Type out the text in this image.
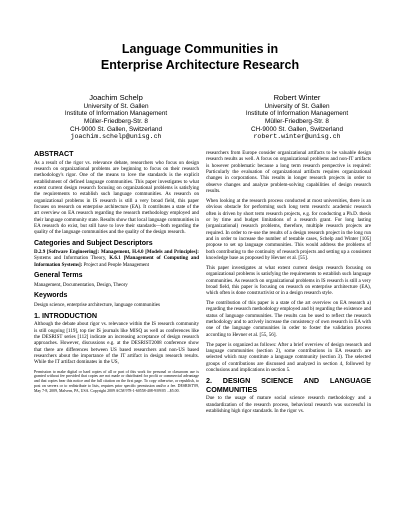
Language Communities in
Enterprise Architecture Research
Joachim Schelp
University of St. Gallen
Institute of Information Management
Müller-Friedberg-Str. 8
CH-9000 St. Gallen, Switzerland
joachim.schelp@unisg.ch
Robert Winter
University of St. Gallen
Institute of Information Management
Müller-Friedberg-Str. 8
CH-9000 St. Gallen, Switzerland
robert.winter@unisg.ch
ABSTRACT

As a result of the rigor vs. relevance debate, researchers who focus on design research on organizational problems are beginning to focus on their research methodology's rigor. One of the means to love the standards is the explicit establishment of defined language communities. This paper investigates to what extent current design research focusing on organizational problems is satisfying the requirements to establish such language communities. As research on organizational problems in IS research is still a very broad field, this paper focuses on research on enterprise architecture (EA). It contributes a state of the art overview on EA research regarding the research methodology employed and their language community state. Results show that local language communities in EA research do exist, but still have to love their standards—both regarding the quality of the language communities and the quality of the design research.

Categories and Subject Descriptors

D.2.9 [Software Engineering]: Management, H.4.0 [Models and Principles]: Systems and Information Theory, K.6.1 [Management of Computing and Information Systems]: Project and People Management

General Terms

Management, Documentation, Design, Theory

Keywords

Design science, enterprise architecture, language communities

1. INTRODUCTION

Although the debate about rigor vs. relevance within the IS research community is still ongoing [119], top tier IS journals like MISQ as well as conferences like the DESRIST series [112] indicate an increasing acceptance of design research approaches. However, discussions e.g. at the DESRIST2008 conference show that there are differences between US based researchers and non-US based researchers about the importance of the IT artifact in design research results. While the IT artifact dominates in the US,

Permission to make digital or hard copies of all or part of this work for personal or classroom use is granted without fee provided that copies are not made or distributed for profit or commercial advantage and that copies bear this notice and the full citation on the first page. To copy otherwise, or republish, to post on servers or to redistribute to lists, requires prior specific permission and/or a fee. DESRIST'09, May 7-8, 2009, Malvern, PA, USA. Copyright 2009 ACM 978-1-60558-408-9/09/05 ...$5.00.

researchers from Europe consider organizational artifacts to be valuable design research results as well. A focus on organizational problems and non-IT artifacts is however problematic because a long term research perspective is required: Particularly the evaluation of organizational artifacts requires organizational changes in corporations. This results in longer research projects in order to observe changes and analyze problem-solving capabilities of design research results.

When looking at the research process conducted at most universities, there is an obvious obstacle for performing such long term research: academic research often is driven by short term research projects, e.g. for conducting a Ph.D. thesis or by time and budget limitations of a research grant. For long lasting (organizational) research problems, therefore, multiple research projects are required. In order to re-use the results of a design research project in the long run and in order to increase the number of testable cases, Schelp and Winter [105] propose to set up language communities. This would address the problems of both contributing to the continuity of research projects and setting up a consistent knowledge base as proposed by Hevner et al. [55].

This paper investigates at what extent current design research focusing on organizational problems is satisfying the requirements to establish such language communities. As research on organizational problems in IS research is still a very broad field, this paper is focusing on research on enterprise architecture (EA), which often is done constructivist or in a design research style.

The contribution of this paper is a state of the art overview on EA research a) regarding the research methodology employed and b) regarding the existence and status of language communities. The results can be used to reflect the research methodology and to actively increase the consistency of own research in EA with one of the language communities in order to foster the validation process according to Hevner et al. [55, 56].

The paper is organized as follows: After a brief overview of design research and language communities (section 2), some contributions in EA research are selected which may constitute a language community (section 3). The selected groups of contributions are discussed and analyzed in section 4, followed by conclusions and implications in section 5.

2. DESIGN SCIENCE AND LANGUAGE COMMUNITIES

Due to the usage of mature social science research methodology and a standardization of the research process, behavioral research was successful in establishing high rigor standards. In the rigor vs.
